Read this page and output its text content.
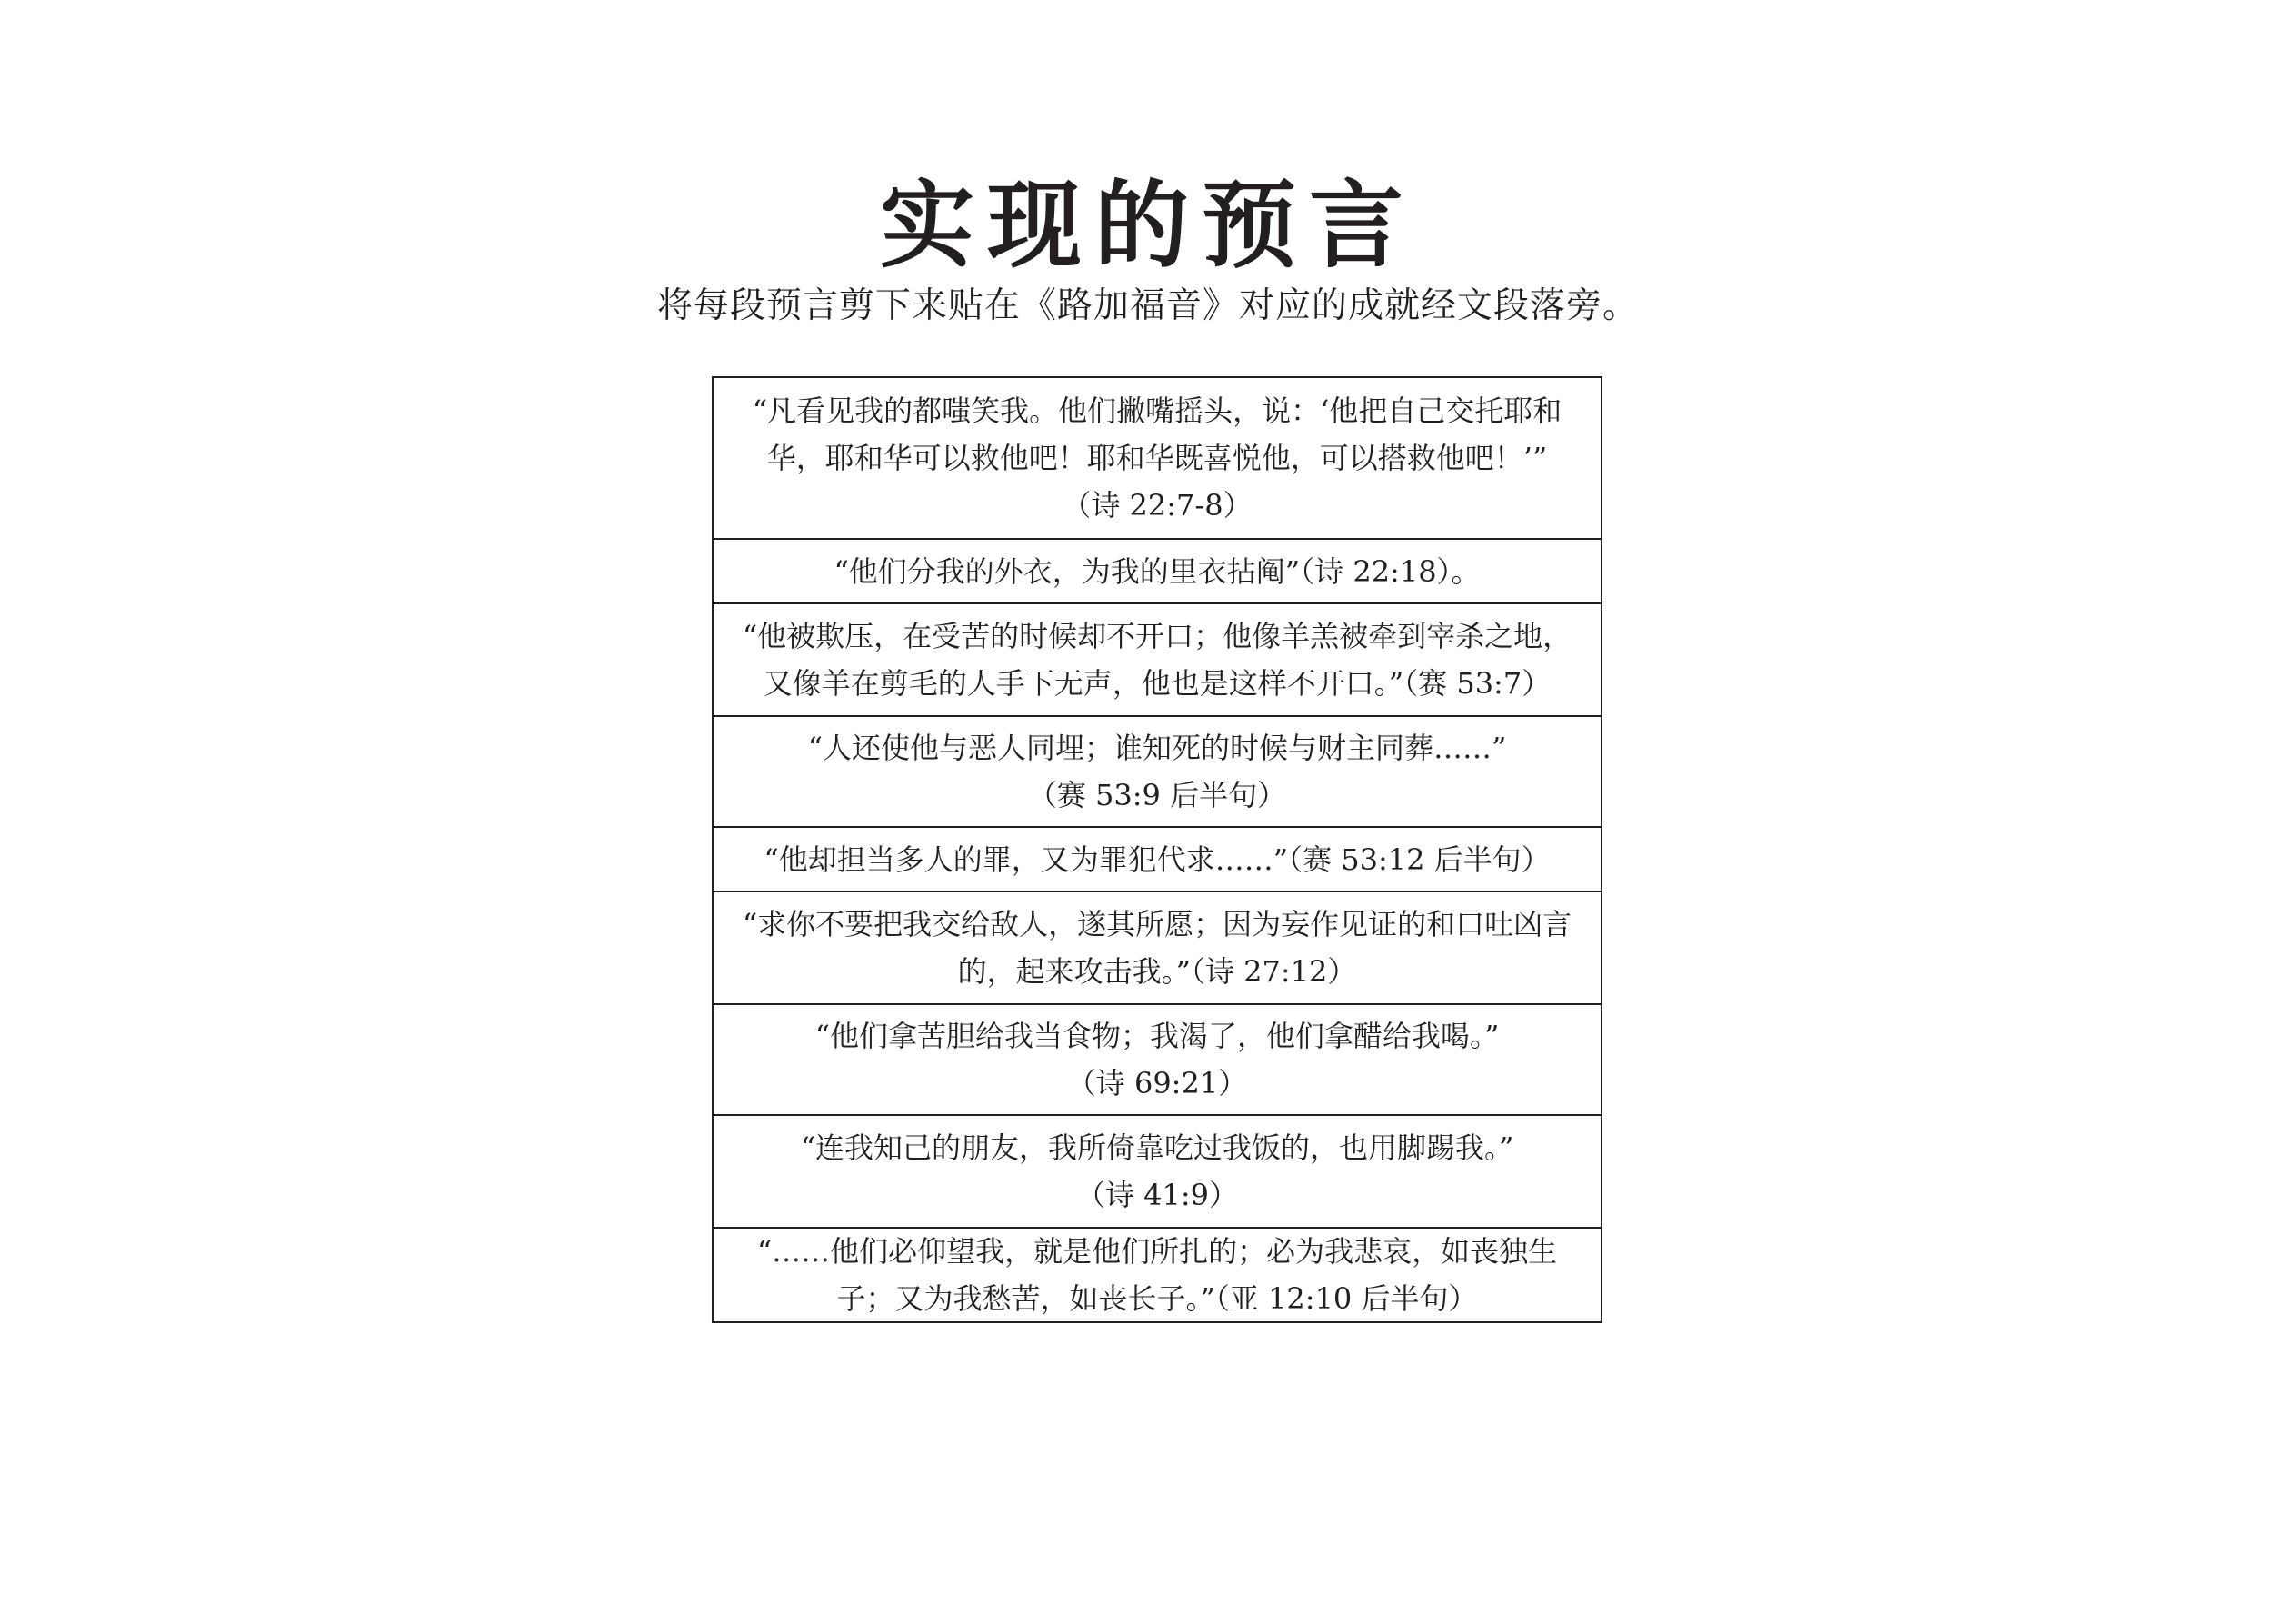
实现的预言
将每段预言剪下来贴在《路加福音》对应的成就经文段落旁。
“凡看见我的都嗤笑我。他们撇嘴摇头，说：‘他把自己交托耶和
华，耶和华可以救他吧！耶和华既喜悦他，可以搭救他吧！’”
（诗 22:7-8）
“他们分我的外衣，为我的里衣拈阄”（诗 22:18）。
“他被欺压，在受苦的时候却不开口；他像羊羔被牵到宰杀之地，
又像羊在剪毛的人手下无声，他也是这样不开口。”（赛 53:7）
“人还使他与恶人同埋；谁知死的时候与财主同葬……”
（赛 53:9 后半句）
“他却担当多人的罪，又为罪犯代求……”（赛 53:12 后半句）
“求你不要把我交给敌人，遂其所愿；因为妄作见证的和口吐凶言
的，起来攻击我。”（诗 27:12）
“他们拿苦胆给我当食物；我渴了，他们拿醋给我喝。”
（诗 69:21）
“连我知己的朋友，我所倚靠吃过我饭的，也用脚踢我。”
（诗 41:9）
“……他们必仰望我，就是他们所扎的；必为我悲哀，如丧独生
子；又为我愁苦，如丧长子。”（亚 12:10 后半句）
